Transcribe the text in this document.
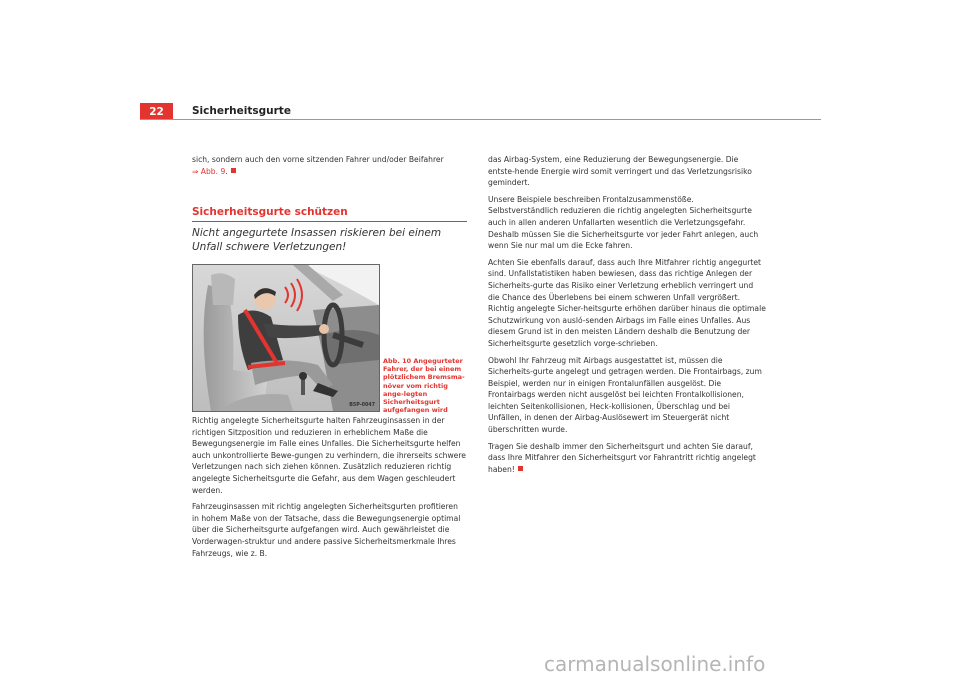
22	Sicherheitsgurte

sich, sondern auch den vorne sitzenden Fahrer und/oder Beifahrer
⇒ Abb. 9.

Sicherheitsgurte schützen
Nicht angegurtete Insassen riskieren bei einem Unfall schwere Verletzungen!
B5P-0047
Abb. 10 Angegurteter Fahrer, der bei einem plötzlichem Bremsma-növer vom richtig ange-legten Sicherheitsgurt aufgefangen wird

Richtig angelegte Sicherheitsgurte halten Fahrzeuginsassen in der richtigen Sitzposition und reduzieren in erheblichem Maße die Bewegungsenergie im Falle eines Unfalles. Die Sicherheitsgurte helfen auch unkontrollierte Bewe-gungen zu verhindern, die ihrerseits schwere Verletzungen nach sich ziehen können. Zusätzlich reduzieren richtig angelegte Sicherheitsgurte die Gefahr, aus dem Wagen geschleudert werden.

Fahrzeuginsassen mit richtig angelegten Sicherheitsgurten profitieren in hohem Maße von der Tatsache, dass die Bewegungsenergie optimal über die Sicherheitsgurte aufgefangen wird. Auch gewährleistet die Vorderwagen-struktur und andere passive Sicherheitsmerkmale Ihres Fahrzeugs, wie z. B.

das Airbag-System, eine Reduzierung der Bewegungsenergie. Die entste-hende Energie wird somit verringert und das Verletzungsrisiko gemindert.

Unsere Beispiele beschreiben Frontalzusammenstöße. Selbstverständlich reduzieren die richtig angelegten Sicherheitsgurte auch in allen anderen Unfallarten wesentlich die Verletzungsgefahr. Deshalb müssen Sie die Sicherheitsgurte vor jeder Fahrt anlegen, auch wenn Sie nur mal um die Ecke fahren.

Achten Sie ebenfalls darauf, dass auch Ihre Mitfahrer richtig angegurtet sind. Unfallstatistiken haben bewiesen, dass das richtige Anlegen der Sicherheits-gurte das Risiko einer Verletzung erheblich verringert und die Chance des Überlebens bei einem schweren Unfall vergrößert. Richtig angelegte Sicher-heitsgurte erhöhen darüber hinaus die optimale Schutzwirkung von ausló-senden Airbags im Falle eines Unfalles. Aus diesem Grund ist in den meisten Ländern deshalb die Benutzung der Sicherheitsgurte gesetzlich vorge-schrieben.

Obwohl Ihr Fahrzeug mit Airbags ausgestattet ist, müssen die Sicherheits-gurte angelegt und getragen werden. Die Frontairbags, zum Beispiel, werden nur in einigen Frontalunfällen ausgelöst. Die Frontairbags werden nicht ausgelöst bei leichten Frontalkollisionen, leichten Seitenkollisionen, Heck-kollisionen, Überschlag und bei Unfällen, in denen der Airbag-Auslösewert im Steuergerät nicht überschritten wurde.

Tragen Sie deshalb immer den Sicherheitsgurt und achten Sie darauf, dass Ihre Mitfahrer den Sicherheitsgurt vor Fahrantritt richtig angelegt haben!

carmanualsonline.info
